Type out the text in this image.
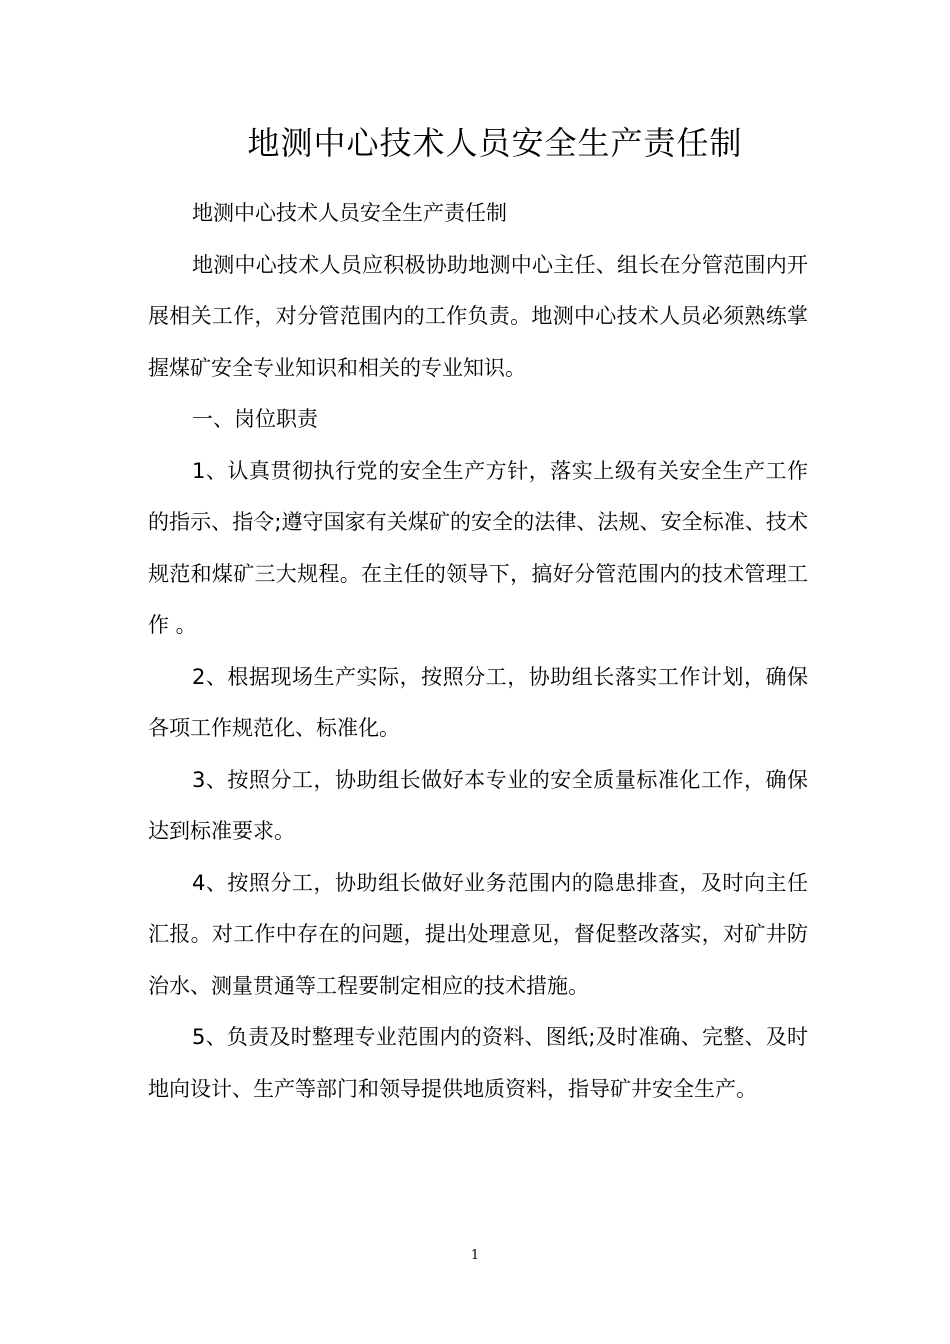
地测中心技术人员安全生产责任制

地测中心技术人员安全生产责任制

地测中心技术人员应积极协助地测中心主任、组长在分管范围内开展相关工作，对分管范围内的工作负责。地测中心技术人员必须熟练掌握煤矿安全专业知识和相关的专业知识。

一、岗位职责

1、认真贯彻执行党的安全生产方针，落实上级有关安全生产工作的指示、指令;遵守国家有关煤矿的安全的法律、法规、安全标准、技术规范和煤矿三大规程。在主任的领导下，搞好分管范围内的技术管理工作 。

2、根据现场生产实际，按照分工，协助组长落实工作计划，确保各项工作规范化、标准化。

3、按照分工，协助组长做好本专业的安全质量标准化工作，确保达到标准要求。

4、按照分工，协助组长做好业务范围内的隐患排查，及时向主任汇报。对工作中存在的问题，提出处理意见，督促整改落实，对矿井防治水、测量贯通等工程要制定相应的技术措施。

5、负责及时整理专业范围内的资料、图纸;及时准确、完整、及时地向设计、生产等部门和领导提供地质资料，指导矿井安全生产。

1
